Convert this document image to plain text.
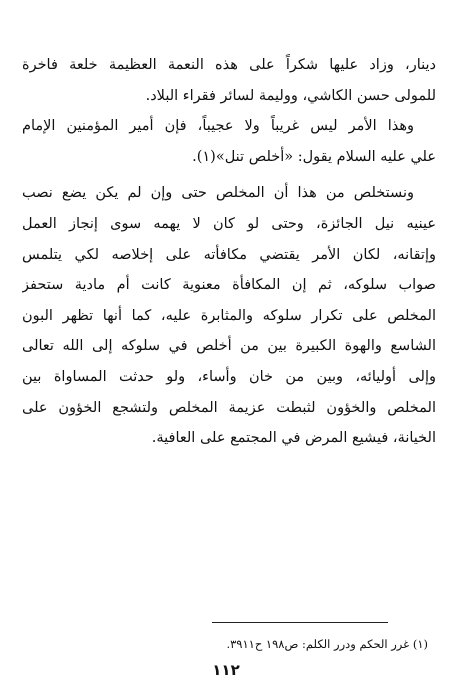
دينار، وزاد عليها شكراً على هذه النعمة العظيمة خلعة فاخرة
للمولى حسن الكاشي، ووليمة لسائر فقراء البلاد.
وهذا الأمر ليس غريباً ولا عجيباً، فإن أمير المؤمنين الإمام
علي عليه السلام يقول: «أخلص تنل»(١).
ونستخلص من هذا أن المخلص حتى وإن لم يكن يضع نصب
عينيه نيل الجائزة، وحتى لو كان لا يهمه سوى إنجاز العمل
وإتقانه، لكان الأمر يقتضي مكافأته على إخلاصه لكي يتلمس
صواب سلوكه، ثم إن المكافأة معنوية كانت أم مادية ستحفز
المخلص على تكرار سلوكه والمثابرة عليه، كما أنها تظهر البون
الشاسع والهوة الكبيرة بين من أخلص في سلوكه إلى الله تعالى
وإلى أوليائه، وبين من خان وأساء، ولو حدثت المساواة بين
المخلص والخؤون لثبطت عزيمة المخلص ولتشجع الخؤون على
الخيانة، فيشيع المرض في المجتمع على العافية.
(١) غرر الحكم ودرر الكلم: ص١٩٨ ح٣٩١١.
١١٢
